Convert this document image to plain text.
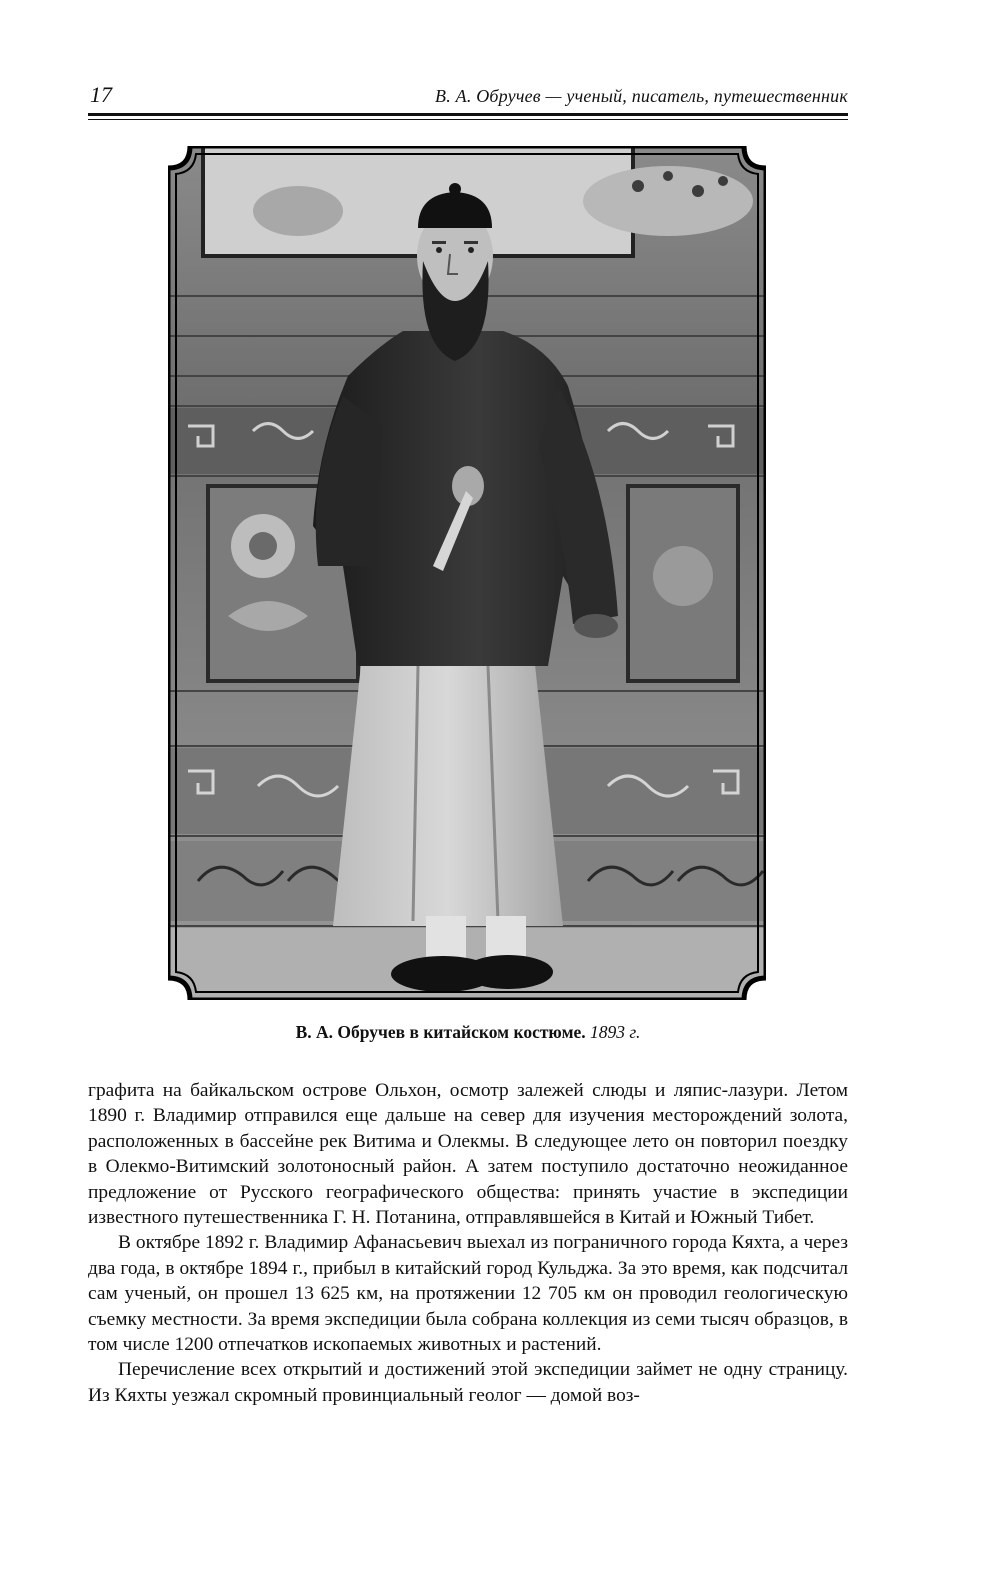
17	В. А. Обручев — ученый, писатель, путешественник
В. А. Обручев в китайском костюме. 1893 г.

графита на байкальском острове Ольхон, осмотр залежей слюды и ляпис-лазури. Летом 1890 г. Владимир отправился еще дальше на север для изучения месторождений золота, расположенных в бассейне рек Витима и Олекмы. В следующее лето он повторил поездку в Олекмо-Витимский золотоносный район. А затем поступило достаточно неожиданное предложение от Русского географического общества: принять участие в экспедиции известного путешественника Г. Н. Потанина, отправлявшейся в Китай и Южный Тибет.

В октябре 1892 г. Владимир Афанасьевич выехал из пограничного города Кяхта, а через два года, в октябре 1894 г., прибыл в китайский город Кульджа. За это время, как подсчитал сам ученый, он прошел 13 625 км, на протяжении 12 705 км он проводил геологическую съемку местности. За время экспедиции была собрана коллекция из семи тысяч образцов, в том числе 1200 отпечатков ископаемых животных и растений.

Перечисление всех открытий и достижений этой экспедиции займет не одну страницу. Из Кяхты уезжал скромный провинциальный геолог — домой воз-
